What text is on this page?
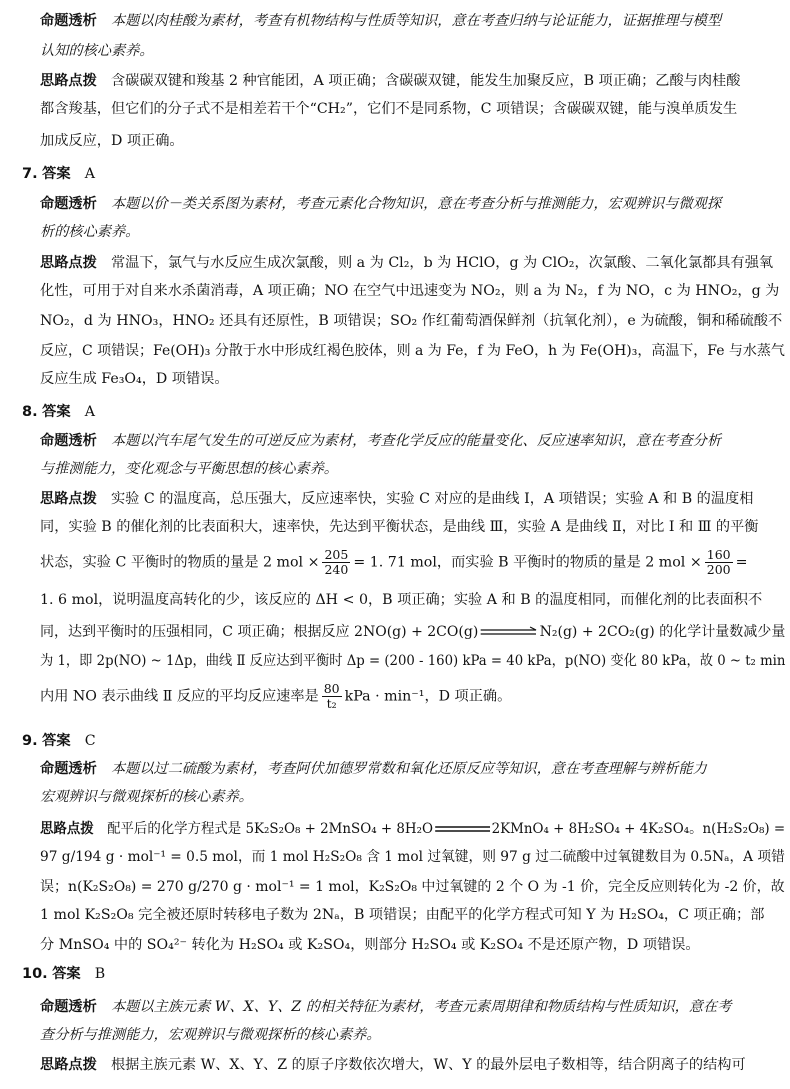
命题透析  本题以肉桂酸为素材，考查有机物结构与性质等知识，意在考查归纳与论证能力，证据推理与模型
认知的核心素养。
思路点拨  含碳碳双键和羧基 2 种官能团，A 项正确；含碳碳双键，能发生加聚反应，B 项正确；乙酸与肉桂酸
都含羧基，但它们的分子式不是相差若干个“CH₂”，它们不是同系物，C 项错误；含碳碳双键，能与溴单质发生
加成反应，D 项正确。
7. 答案  A
命题透析  本题以价－类关系图为素材，考查元素化合物知识，意在考查分析与推测能力，宏观辨识与微观探
析的核心素养。
思路点拨  常温下，氯气与水反应生成次氯酸，则 a 为 Cl₂，b 为 HClO，g 为 ClO₂，次氯酸、二氧化氯都具有强氧
化性，可用于对自来水杀菌消毒，A 项正确；NO 在空气中迅速变为 NO₂，则 a 为 N₂，f 为 NO，c 为 HNO₂，g 为
NO₂，d 为 HNO₃，HNO₂ 还具有还原性，B 项错误；SO₂ 作红葡萄酒保鲜剂（抗氧化剂），e 为硫酸，铜和稀硫酸不
反应，C 项错误；Fe(OH)₃ 分散于水中形成红褐色胶体，则 a 为 Fe，f 为 FeO，h 为 Fe(OH)₃，高温下，Fe 与水蒸气
反应生成 Fe₃O₄，D 项错误。
8. 答案  A
命题透析  本题以汽车尾气发生的可逆反应为素材，考查化学反应的能量变化、反应速率知识，意在考查分析
与推测能力，变化观念与平衡思想的核心素养。
思路点拨  实验 C 的温度高，总压强大，反应速率快，实验 C 对应的是曲线 Ⅰ，A 项错误；实验 A 和 B 的温度相
同，实验 B 的催化剂的比表面积大，速率快，先达到平衡状态，是曲线 Ⅲ，实验 A 是曲线 Ⅱ，对比 Ⅰ 和 Ⅲ 的平衡
状态，实验 C 平衡时的物质的量是 2 mol × $\frac{205}{240} = 1$. 71 mol，而实验 B 平衡时的物质的量是 2 mol × $\frac{160}{200}$ =
1. 6 mol，说明温度高转化的少，该反应的 ΔH < 0，B 项正确；实验 A 和 B 的温度相同，而催化剂的比表面积不
同，达到平衡时的压强相同，C 项正确；根据反应 2NO(g) + 2CO(g)	N₂(g) + 2CO₂(g) 的化学计量数减少量
为 1，即 2p(NO) ~ 1Δp，曲线 Ⅱ 反应达到平衡时 Δp = (200 - 160) kPa = 40 kPa，p(NO) 变化 80 kPa，故 0 ~ t₂ min
内用 NO 表示曲线 Ⅱ 反应的平均反应速率是 $\frac{80}{\text{t₂}}$ kPa · min⁻¹，D 项正确。
9. 答案  C
命题透析  本题以过二硫酸为素材，考查阿伏加德罗常数和氧化还原反应等知识，意在考查理解与辨析能力
宏观辨识与微观探析的核心素养。
思路点拨  配平后的化学方程式是 5K₂S₂O₈ + 2MnSO₄ + 8H₂O	2KMnO₄ + 8H₂SO₄ + 4K₂SO₄。n(H₂S₂O₈) =
97 g/194 g · mol⁻¹ = 0.5 mol，而 1 mol H₂S₂O₈ 含 1 mol 过氧键，则 97 g 过二硫酸中过氧键数目为 0.5Nₐ，A 项错
误；n(K₂S₂O₈) = 270 g/270 g · mol⁻¹ = 1 mol，K₂S₂O₈ 中过氧键的 2 个 O 为 -1 价，完全反应则转化为 -2 价，故
1 mol K₂S₂O₈ 完全被还原时转移电子数为 2Nₐ，B 项错误；由配平的化学方程式可知 Y 为 H₂SO₄，C 项正确；部
分 MnSO₄ 中的 SO₄²⁻ 转化为 H₂SO₄ 或 K₂SO₄，则部分 H₂SO₄ 或 K₂SO₄ 不是还原产物，D 项错误。
10. 答案  B
命题透析  本题以主族元素 W、X、Y、Z 的相关特征为素材，考查元素周期律和物质结构与性质知识，意在考
查分析与推测能力，宏观辨识与微观探析的核心素养。
思路点拨  根据主族元素 W、X、Y、Z 的原子序数依次增大，W、Y 的最外层电子数相等，结合阴离子的结构可
